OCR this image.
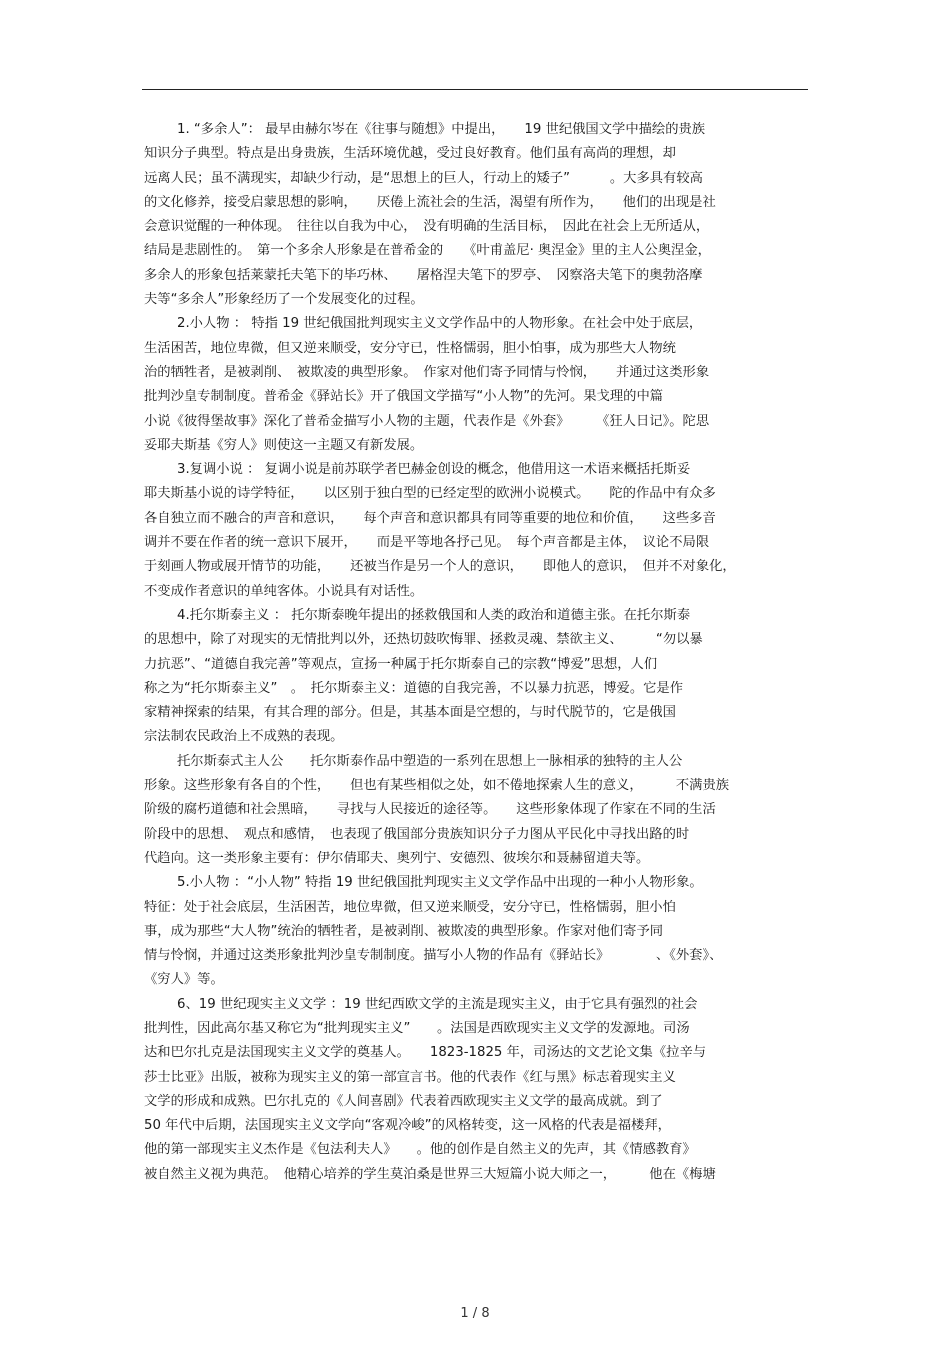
1. “多余人”： 最早由赫尔岑在《往事与随想》中提出，　　19 世纪俄国文学中描绘的贵族
知识分子典型。特点是出身贵族，生活环境优越，受过良好教育。他们虽有高尚的理想，却
远离人民；虽不满现实，却缺少行动，是“思想上的巨人，行动上的矮子”　　　。大多具有较高
的文化修养，接受启蒙思想的影响，　　厌倦上流社会的生活，渴望有所作为，　　他们的出现是社
会意识觉醒的一种体现。　往往以自我为中心，　没有明确的生活目标，　因此在社会上无所适从，
结局是悲剧性的。　第一个多余人形象是在普希金的　　《叶甫盖尼· 奥涅金》里的主人公奥涅金，
多余人的形象包括莱蒙托夫笔下的毕巧林、　　屠格涅夫笔下的罗亭、　冈察洛夫笔下的奥勃洛摩
夫等“多余人”形象经历了一个发展变化的过程。
2.小人物 ： 特指 19 世纪俄国批判现实主义文学作品中的人物形象。在社会中处于底层，
生活困苦，地位卑微，但又逆来顺受，安分守已，性格懦弱，胆小怕事，成为那些大人物统
治的牺牲者，是被剥削、　被欺凌的典型形象。　作家对他们寄予同情与怜悯，　　并通过这类形象
批判沙皇专制制度。普希金《驿站长》开了俄国文学描写“小人物”的先河。果戈理的中篇
小说《彼得堡故事》深化了普希金描写小人物的主题，代表作是《外套》　　　《狂人日记》。陀思
妥耶夫斯基《穷人》则使这一主题又有新发展。
3.复调小说 ： 复调小说是前苏联学者巴赫金创设的概念，他借用这一术语来概括托斯妥
耶夫斯基小说的诗学特征，　　以区别于独白型的已经定型的欧洲小说模式。　　陀的作品中有众多
各自独立而不融合的声音和意识，　　每个声音和意识都具有同等重要的地位和价值，　　这些多音
调并不要在作者的统一意识下展开，　　而是平等地各抒己见。　每个声音都是主体，　议论不局限
于刻画人物或展开情节的功能，　　还被当作是另一个人的意识，　　即他人的意识，　但并不对象化，
不变成作者意识的单纯客体。小说具有对话性。
4.托尔斯泰主义 ： 托尔斯泰晚年提出的拯救俄国和人类的政治和道德主张。在托尔斯泰
的思想中，除了对现实的无情批判以外，还热切鼓吹悔罪、拯救灵魂、禁欲主义、　　　“勿以暴
力抗恶”、“道德自我完善”等观点，宣扬一种属于托尔斯泰自己的宗教“博爱”思想，人们
称之为“托尔斯泰主义”　。　托尔斯泰主义：道德的自我完善，不以暴力抗恶，博爱。它是作
家精神探索的结果，有其合理的部分。但是，其基本面是空想的，与时代脱节的，它是俄国
宗法制农民政治上不成熟的表现。
托尔斯泰式主人公　　托尔斯泰作品中塑造的一系列在思想上一脉相承的独特的主人公
形象。这些形象有各自的个性，　　但也有某些相似之处，如不倦地探索人生的意义，　　　不满贵族
阶级的腐朽道德和社会黑暗，　　寻找与人民接近的途径等。　　这些形象体现了作家在不同的生活
阶段中的思想、　观点和感情，　也表现了俄国部分贵族知识分子力图从平民化中寻找出路的时
代趋向。这一类形象主要有：伊尔倩耶夫、奥列宁、安德烈、彼埃尔和聂赫留道夫等。
5.小人物 ：“小人物” 特指 19 世纪俄国批判现实主义文学作品中出现的一种小人物形象。
特征：处于社会底层，生活困苦，地位卑微，但又逆来顺受，安分守已，性格懦弱，胆小怕
事，成为那些“大人物”统治的牺牲者，是被剥削、被欺凌的典型形象。作家对他们寄予同
情与怜悯，并通过这类形象批判沙皇专制制度。描写小人物的作品有《驿站长》　　　　、《外套》、
《穷人》等。
6、19 世纪现实主义文学 ：19 世纪西欧文学的主流是现实主义，由于它具有强烈的社会
批判性，因此高尔基又称它为“批判现实主义”　　。法国是西欧现实主义文学的发源地。司汤
达和巴尔扎克是法国现实主义文学的奠基人。　　1823-1825 年，司汤达的文艺论文集《拉辛与
莎士比亚》出版，被称为现实主义的第一部宣言书。他的代表作《红与黑》标志着现实主义
文学的形成和成熟。巴尔扎克的《人间喜剧》代表着西欧现实主义文学的最高成就。到了
50 年代中后期，法国现实主义文学向“客观冷峻”的风格转变，这一风格的代表是福楼拜，
他的第一部现实主义杰作是《包法利夫人》　　。他的创作是自然主义的先声，其《情感教育》
被自然主义视为典范。　他精心培养的学生莫泊桑是世界三大短篇小说大师之一，　　　他在《梅塘
1 / 8
